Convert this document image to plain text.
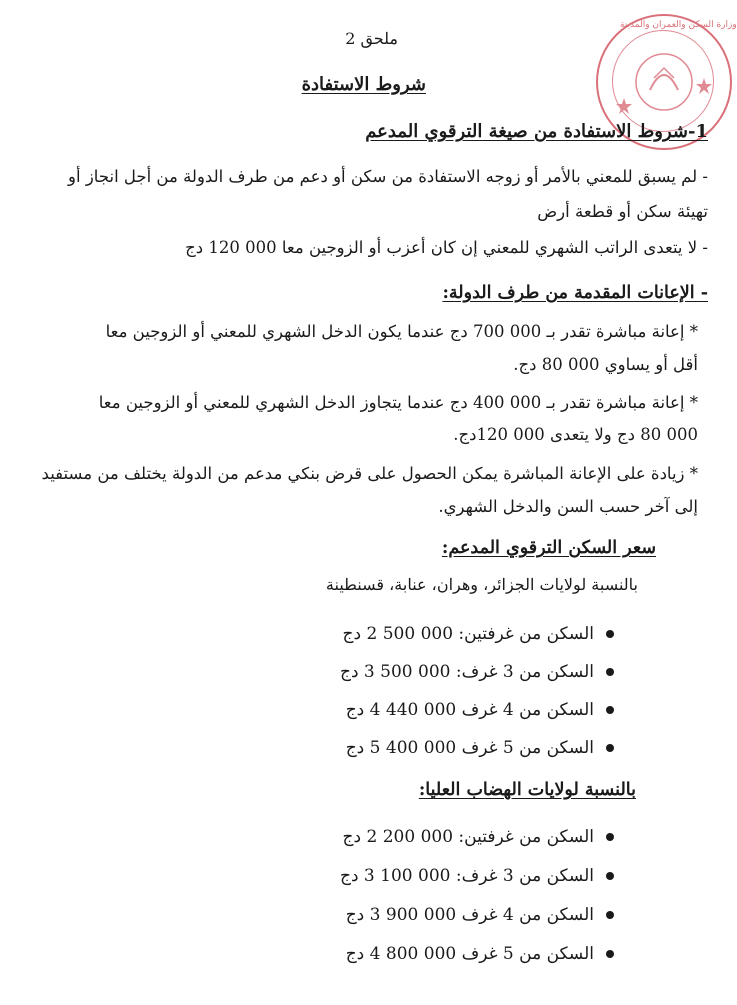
وزارة السكن والعمران والمدينة
ملحق 2
شروط الاستفادة
1-شروط الاستفادة من صيغة الترقوي المدعم
- لم يسبق للمعني بالأمر أو زوجه الاستفادة من سكن أو دعم من طرف الدولة من أجل انجاز أو
تهيئة سكن أو قطعة أرض
- لا يتعدى الراتب الشهري للمعني إن كان أعزب أو الزوجين معا 000 120 دج
- الإعانات المقدمة من طرف الدولة:
* إعانة مباشرة تقدر بـ 000 700 دج عندما يكون الدخل الشهري للمعني أو الزوجين معا
أقل أو يساوي 000 80 دج.
* إعانة مباشرة تقدر بـ 000 400 دج عندما يتجاوز الدخل الشهري للمعني أو الزوجين معا
000 80 دج ولا يتعدى 000 120دج.
* زيادة على الإعانة المباشرة يمكن الحصول على قرض بنكي مدعم من الدولة يختلف من مستفيد
إلى آخر حسب السن والدخل الشهري.
سعر السكن الترقوي المدعم:
بالنسبة لولايات الجزائر، وهران، عنابة، قسنطينة
السكن من غرفتين: 000 500 2 دج
السكن من 3 غرف: 000 500 3 دج
السكن من 4 غرف 000 440 4 دج
السكن من 5 غرف 000 400 5 دج
بالنسبة لولايات الهضاب العليا:
السكن من غرفتين: 000 200 2 دج
السكن من 3 غرف: 000 100 3 دج
السكن من 4 غرف 000 900 3 دج
السكن من 5 غرف 000 800 4 دج
